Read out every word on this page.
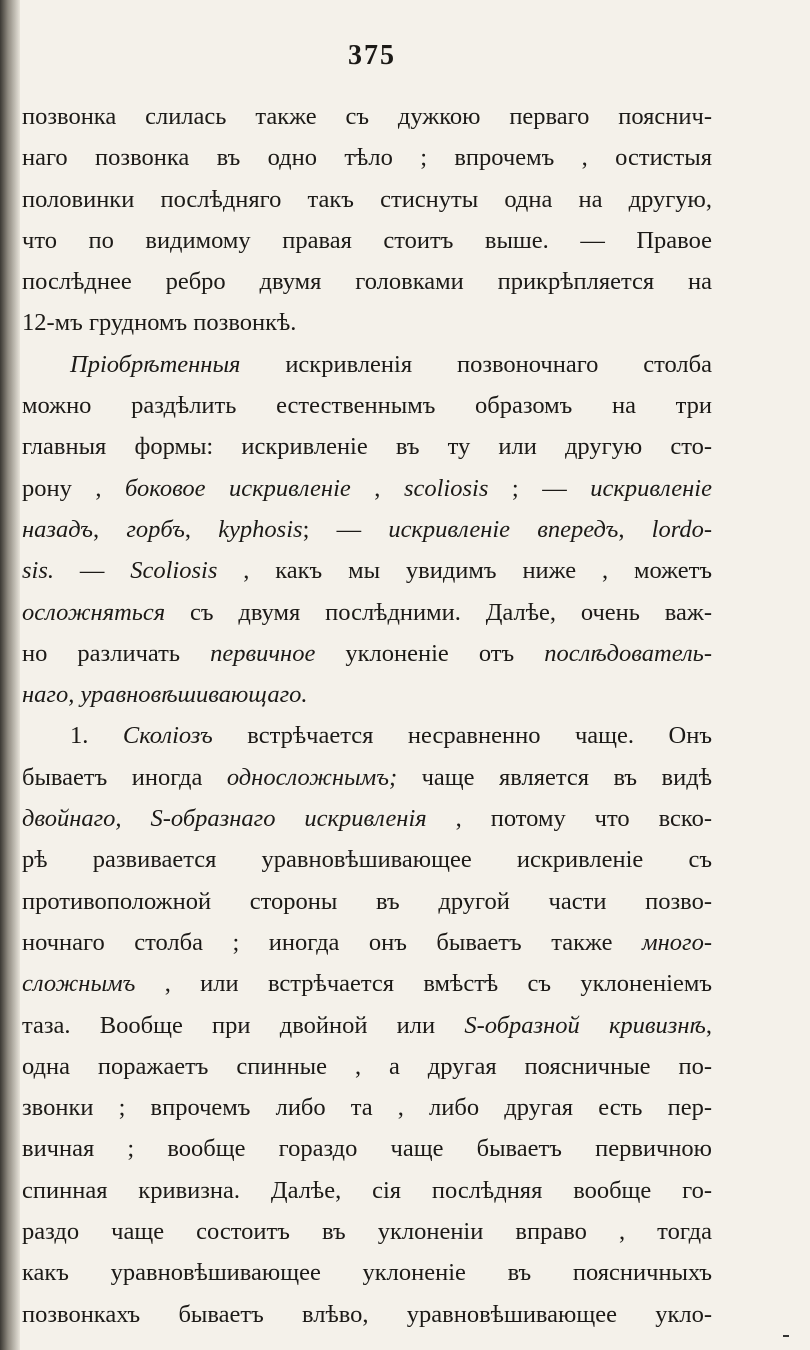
375
позвонка слилась также съ дужкою перваго пояснич-
наго позвонка въ одно тѣло ; впрочемъ , остистыя
половинки послѣдняго такъ стиснуты одна на другую,
что по видимому правая стоитъ выше. — Правое
послѣднее ребро двумя головками прикрѣпляется на
12-мъ грудномъ позвонкѣ.
Пріобрѣтенныя искривленія позвоночнаго столба
можно раздѣлить естественнымъ образомъ на три
главныя формы: искривленіе въ ту или другую сто-
рону , боковое искривленіе , scoliosis ; — искривленіе
назадъ, горбъ, kyphosis; — искривленіе впередъ, lordo-
sis. — Scoliosis , какъ мы увидимъ ниже , можетъ
осложняться съ двумя послѣдними. Далѣе, очень важ-
но различать первичное уклоненіе отъ послѣдователь-
наго, уравновѣшивающаго.
1. Сколіозъ встрѣчается несравненно чаще. Онъ
бываетъ иногда односложнымъ; чаще является въ видѣ
двойнаго, S-образнаго искривленія , потому что вско-
рѣ развивается уравновѣшивающее искривленіе съ
противоположной стороны въ другой части позво-
ночнаго столба ; иногда онъ бываетъ также много-
сложнымъ , или встрѣчается вмѣстѣ съ уклоненіемъ
таза. Вообще при двойной или S-образной кривизнѣ,
одна поражаетъ спинные , а другая поясничные по-
звонки ; впрочемъ либо та , либо другая есть пер-
вичная ; вообще гораздо чаще бываетъ первичною
спинная кривизна. Далѣе, сія послѣдняя вообще го-
раздо чаще состоитъ въ уклоненіи вправо , тогда
какъ уравновѣшивающее уклоненіе въ поясничныхъ
позвонкахъ бываетъ влѣво, уравновѣшивающее укло-
